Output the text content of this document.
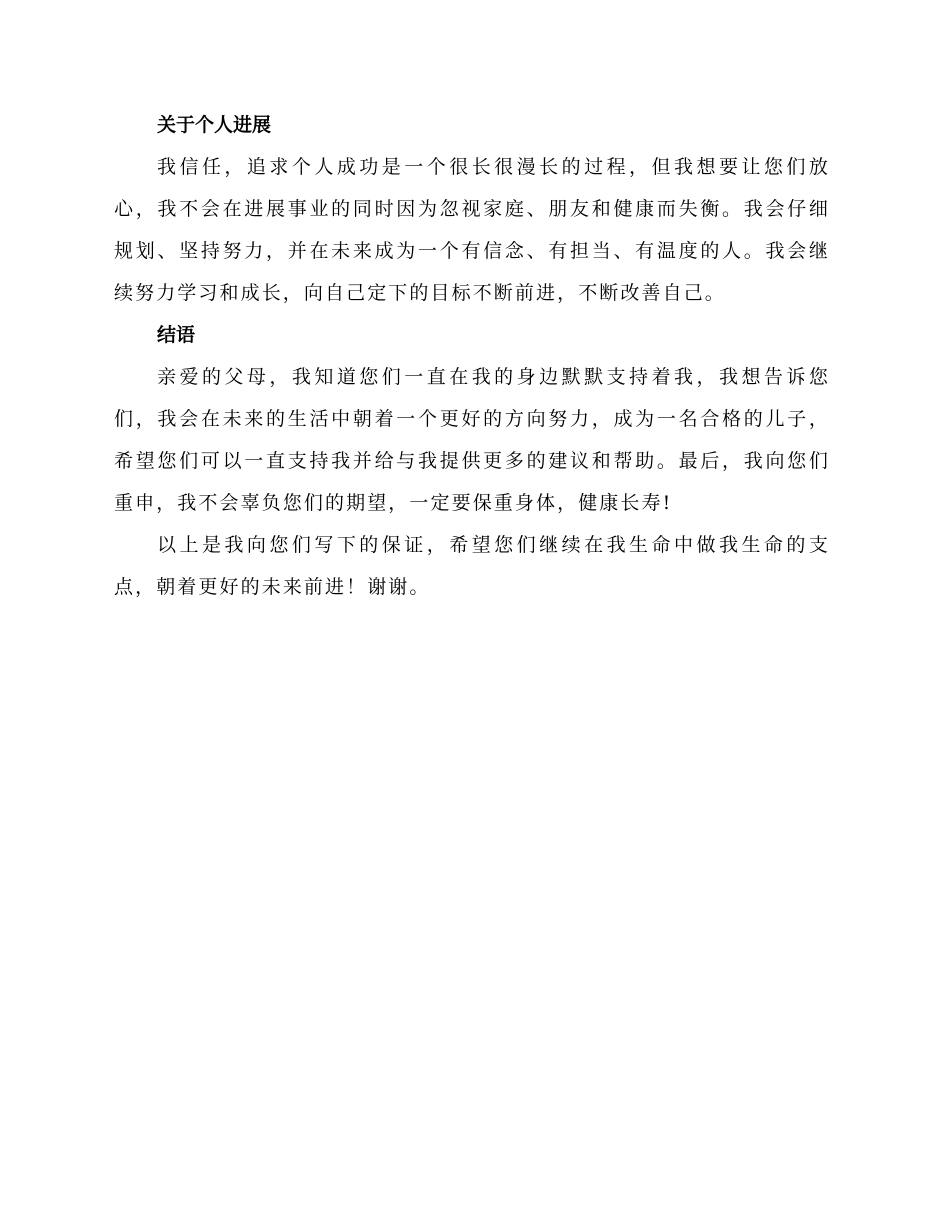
关于个人进展

我信任，追求个人成功是一个很长很漫长的过程，但我想要让您们放心，我不会在进展事业的同时因为忽视家庭、朋友和健康而失衡。我会仔细规划、坚持努力，并在未来成为一个有信念、有担当、有温度的人。我会继续努力学习和成长，向自己定下的目标不断前进，不断改善自己。

结语

亲爱的父母，我知道您们一直在我的身边默默支持着我，我想告诉您们，我会在未来的生活中朝着一个更好的方向努力，成为一名合格的儿子，希望您们可以一直支持我并给与我提供更多的建议和帮助。最后，我向您们重申，我不会辜负您们的期望，一定要保重身体，健康长寿!

以上是我向您们写下的保证，希望您们继续在我生命中做我生命的支点，朝着更好的未来前进！谢谢。
